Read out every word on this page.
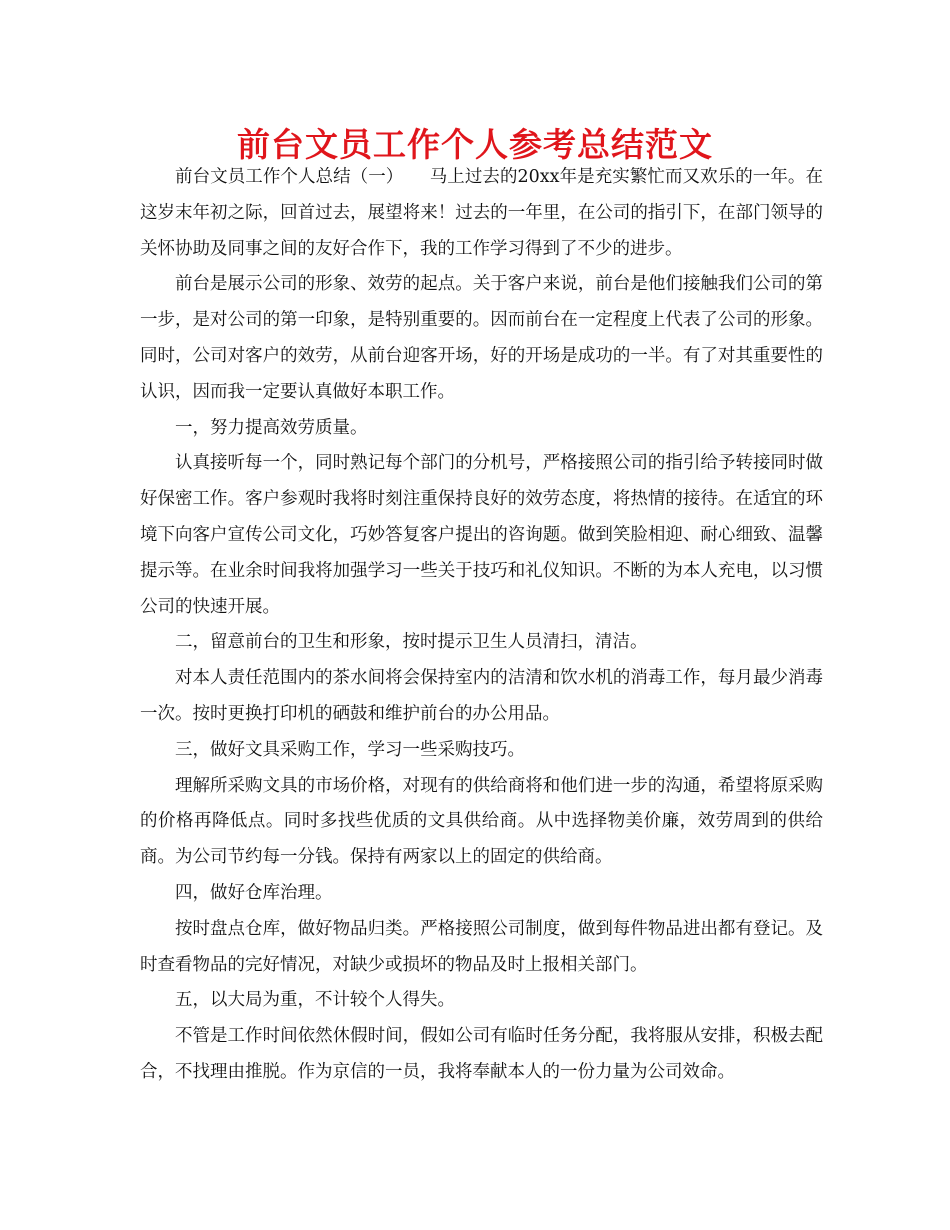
前台文员工作个人参考总结范文

前台文员工作个人总结（一）　　马上过去的20xx年是充实繁忙而又欢乐的一年。在这岁末年初之际，回首过去，展望将来！过去的一年里，在公司的指引下，在部门领导的关怀协助及同事之间的友好合作下，我的工作学习得到了不少的进步。

前台是展示公司的形象、效劳的起点。关于客户来说，前台是他们接触我们公司的第一步，是对公司的第一印象，是特别重要的。因而前台在一定程度上代表了公司的形象。同时，公司对客户的效劳，从前台迎客开场，好的开场是成功的一半。有了对其重要性的认识，因而我一定要认真做好本职工作。

一，努力提高效劳质量。

认真接听每一个，同时熟记每个部门的分机号，严格接照公司的指引给予转接同时做好保密工作。客户参观时我将时刻注重保持良好的效劳态度，将热情的接待。在适宜的环境下向客户宣传公司文化，巧妙答复客户提出的咨询题。做到笑脸相迎、耐心细致、温馨提示等。在业余时间我将加强学习一些关于技巧和礼仪知识。不断的为本人充电，以习惯公司的快速开展。

二，留意前台的卫生和形象，按时提示卫生人员清扫，清洁。

对本人责任范围内的茶水间将会保持室内的洁清和饮水机的消毒工作，每月最少消毒一次。按时更换打印机的硒鼓和维护前台的办公用品。

三，做好文具采购工作，学习一些采购技巧。

理解所采购文具的市场价格，对现有的供给商将和他们进一步的沟通，希望将原采购的价格再降低点。同时多找些优质的文具供给商。从中选择物美价廉，效劳周到的供给商。为公司节约每一分钱。保持有两家以上的固定的供给商。

四，做好仓库治理。

按时盘点仓库，做好物品归类。严格接照公司制度，做到每件物品进出都有登记。及时查看物品的完好情况，对缺少或损坏的物品及时上报相关部门。

五，以大局为重，不计较个人得失。

不管是工作时间依然休假时间，假如公司有临时任务分配，我将服从安排，积极去配合，不找理由推脱。作为京信的一员，我将奉献本人的一份力量为公司效命。
